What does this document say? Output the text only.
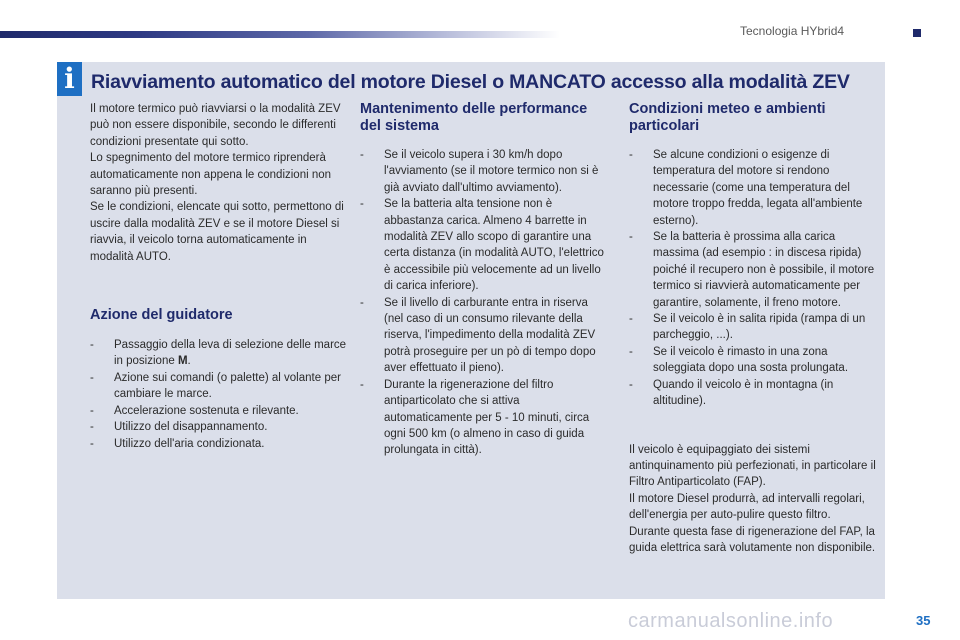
Tecnologia HYbrid4
i Riavviamento automatico del motore Diesel o MANCATO accesso alla modalità ZEV

Il motore termico può riavviarsi o la modalità ZEV può non essere disponibile, secondo le differenti condizioni presentate qui sotto.

Lo spegnimento del motore termico riprenderà automaticamente non appena le condizioni non saranno più presenti.

Se le condizioni, elencate qui sotto, permettono di uscire dalla modalità ZEV e se il motore Diesel si riavvia, il veicolo torna automaticamente in modalità AUTO.

Azione del guidatore
- Passaggio della leva di selezione delle marce in posizione M.
- Azione sui comandi (o palette) al volante per cambiare le marce.
- Accelerazione sostenuta e rilevante.
- Utilizzo del disappannamento.
- Utilizzo dell'aria condizionata.
Mantenimento delle performance del sistema
- Se il veicolo supera i 30 km/h dopo l'avviamento (se il motore termico non si è già avviato dall'ultimo avviamento).
- Se la batteria alta tensione non è abbastanza carica. Almeno 4 barrette in modalità ZEV allo scopo di garantire una certa distanza (in modalità AUTO, l'elettrico è accessibile più velocemente ad un livello di carica inferiore).
- Se il livello di carburante entra in riserva (nel caso di un consumo rilevante della riserva, l'impedimento della modalità ZEV potrà proseguire per un pò di tempo dopo aver effettuato il pieno).
- Durante la rigenerazione del filtro antiparticolato che si attiva automaticamente per 5 - 10 minuti, circa ogni 500 km (o almeno in caso di guida prolungata in città).
Condizioni meteo e ambienti particolari
- Se alcune condizioni o esigenze di temperatura del motore si rendono necessarie (come una temperatura del motore troppo fredda, legata all'ambiente esterno).
- Se la batteria è prossima alla carica massima (ad esempio : in discesa ripida) poiché il recupero non è possibile, il motore termico si riavvierà automaticamente per garantire, solamente, il freno motore.
- Se il veicolo è in salita ripida (rampa di un parcheggio, ...).
- Se il veicolo è rimasto in una zona soleggiata dopo una sosta prolungata.
- Quando il veicolo è in montagna (in altitudine).

Il veicolo è equipaggiato dei sistemi antinquinamento più perfezionati, in particolare il Filtro Antiparticolato (FAP).

Il motore Diesel produrrà, ad intervalli regolari, dell'energia per auto-pulire questo filtro.

Durante questa fase di rigenerazione del FAP, la guida elettrica sarà volutamente non disponibile.

carmanualsonline.info	35
